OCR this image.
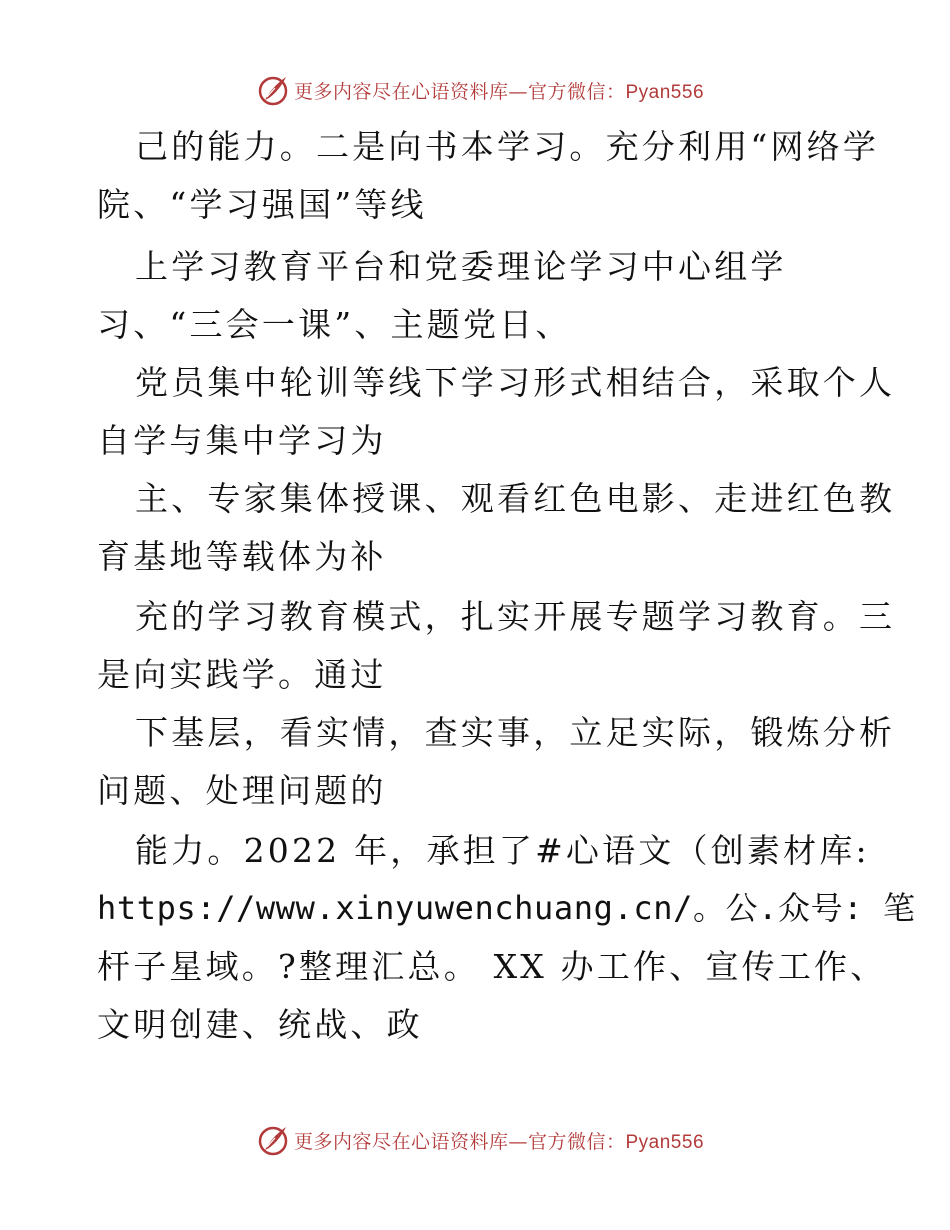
更多内容尽在心语资料库—官方微信：Pyan556
己的能力。二是向书本学习。充分利用“网络学
院、“学习强国”等线
上学习教育平台和党委理论学习中心组学
习、“三会一课”、主题党日、
党员集中轮训等线下学习形式相结合，采取个人
自学与集中学习为
主、专家集体授课、观看红色电影、走进红色教
育基地等载体为补
充的学习教育模式，扎实开展专题学习教育。三
是向实践学。通过
下基层，看实情，查实事，立足实际，锻炼分析
问题、处理问题的
能力。2022 年，承担了#心语文（创素材库:
https://www.xinyuwenchuang.cn/。公.众号: 笔
杆子星域。?整理汇总。 XX 办工作、宣传工作、
文明创建、统战、政
更多内容尽在心语资料库—官方微信：Pyan556
